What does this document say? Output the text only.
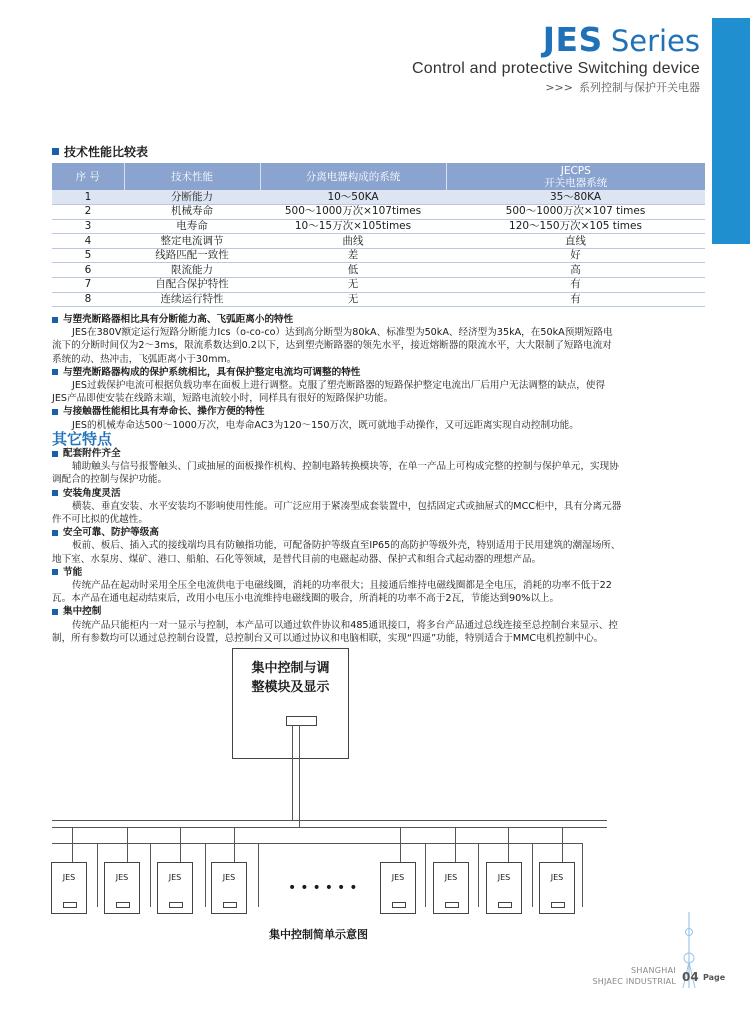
JES Series
Control and protective Switching device
>>> 系列控制与保护开关电器
技术性能比较表
序 号	技术性能	分离电器构成的系统	JECPS
开关电器系统

1	分断能力	10～50KA	35～80KA
2	机械寿命	500～1000万次×107times	500～1000万次×107 times
3	电寿命	10～15万次×105times	120～150万次×105 times
4	整定电流调节	曲线	直线
5	线路匹配一致性	差	好
6	限流能力	低	高
7	自配合保护特性	无	有
8	连续运行特性	无	有
与塑壳断路器相比具有分断能力高、飞弧距离小的特性
JES在380V额定运行短路分断能力Ics（o-co-co）达到高分断型为80kA、标准型为50kA、经济型为35kA，在50kA预期短路电流下的分断时间仅为2～3ms，限流系数达到0.2以下，达到塑壳断路器的领先水平，接近熔断器的限流水平，大大限制了短路电流对系统的动、热冲击，飞弧距离小于30mm。
与塑壳断路器构成的保护系统相比，具有保护整定电流均可调整的特性
JES过载保护电流可根据负载功率在面板上进行调整。克服了塑壳断路器的短路保护整定电流出厂后用户无法调整的缺点，使得JES产品即使安装在线路末端，短路电流较小时，同样具有很好的短路保护功能。
与接触器性能相比具有寿命长、操作方便的特性
JES的机械寿命达500～1000万次，电寿命AC3为120～150万次，既可就地手动操作，又可远距离实现自动控制功能。
其它特点
配套附件齐全
辅助触头与信号报警触头、门或抽屉的面板操作机构、控制电路转换模块等，在单一产品上可构成完整的控制与保护单元，实现协调配合的控制与保护功能。
安装角度灵活
横装、垂直安装、水平安装均不影响使用性能。可广泛应用于紧凑型成套装置中，包括固定式或抽屉式的MCC柜中，具有分离元器件不可比拟的优越性。
安全可靠、防护等级高
板前、板后、插入式的接线端均具有防触指功能，可配备防护等级直至IP65的高防护等级外壳，特别适用于民用建筑的潮湿场所、地下室、水泵房、煤矿、港口、船舶、石化等领域，是替代目前的电磁起动器、保护式和组合式起动器的理想产品。
节能
传统产品在起动时采用全压全电流供电于电磁线圈，消耗的功率很大；且接通后维持电磁线圈都是全电压，消耗的功率不低于22瓦。本产品在通电起动结束后，改用小电压小电流维持电磁线圈的吸合，所消耗的功率不高于2瓦，节能达到90%以上。
集中控制
传统产品只能柜内一对一显示与控制，本产品可以通过软件协议和485通讯接口，将多台产品通过总线连接至总控制台来显示、控制，所有参数均可以通过总控制台设置，总控制台又可以通过协议和电脑相联，实现“四遥”功能，特别适合于MMC电机控制中心。
集中控制与调
整模块及显示
JES	JES	JES	JES	JES	JES	JES	JES
••••••
集中控制简单示意图
SHANGHAI
SHJAEC INDUSTRIAL 04 Page
